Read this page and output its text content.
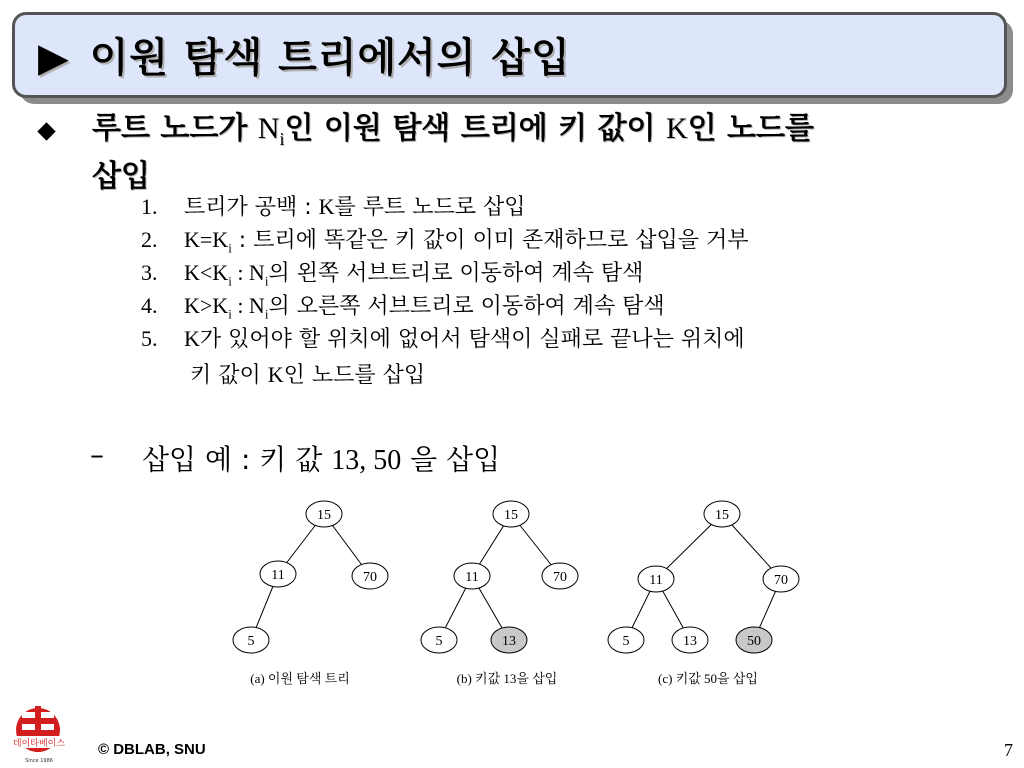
▶ 이원 탐색 트리에서의 삽입
루트 노드가 $N_i$인 이원 탐색 트리에 키 값이 K인 노드를
삽입
1. 트리가 공백 : K를 루트 노드로 삽입
2. $K=K_i$ : 트리에 똑같은 키 값이 이미 존재하므로 삽입을 거부
3. $K<K_i$ : $N_i$의 왼쪽 서브트리로 이동하여 계속 탐색
4. $K>K_i$ : $N_i$의 오른쪽 서브트리로 이동하여 계속 탐색
5. K가 있어야 할 위치에 없어서 탐색이 실패로 끝나는 위치에
키 값이 K인 노드를 삽입
– 삽입 예 : 키 값 13, 50 을 삽입
15
11	70
5
(a) 이원 탐색 트리
15
11	70
5	13
(b) 키값 13을 삽입
15
11	70
5	13	50
(c) 키값 50을 삽입
데이타베이스
Since 1986
© DBLAB, SNU	7
